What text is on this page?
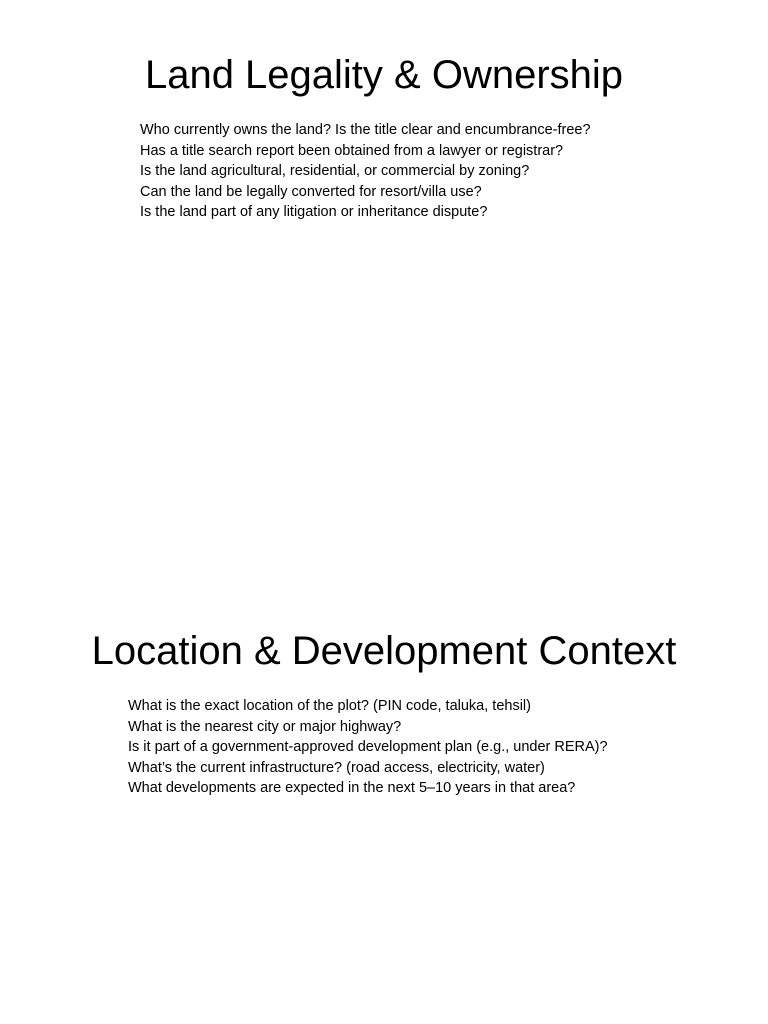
Land Legality & Ownership
Who currently owns the land? Is the title clear and encumbrance-free?
Has a title search report been obtained from a lawyer or registrar?
Is the land agricultural, residential, or commercial by zoning?
Can the land be legally converted for resort/villa use?
Is the land part of any litigation or inheritance dispute?
Location & Development Context
What is the exact location of the plot? (PIN code, taluka, tehsil)
What is the nearest city or major highway?
Is it part of a government-approved development plan (e.g., under RERA)?
What’s the current infrastructure? (road access, electricity, water)
What developments are expected in the next 5–10 years in that area?
